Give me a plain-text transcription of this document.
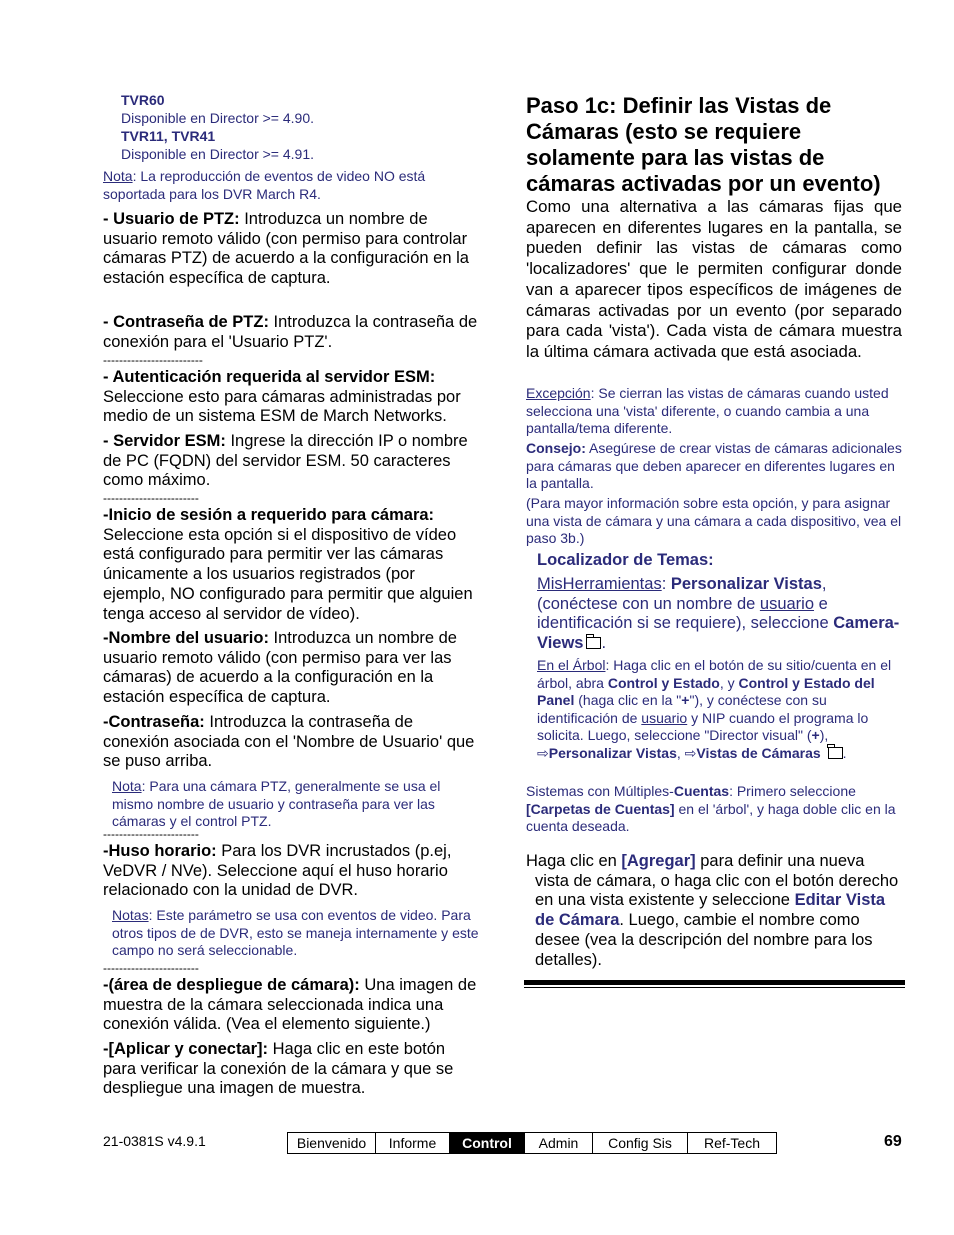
TVR60
Disponible en Director >= 4.90.
TVR11, TVR41
Disponible en Director >= 4.91.
Nota: La reproducción de eventos de video NO está soportada para los DVR March R4.
- Usuario de PTZ: Introduzca un nombre de usuario remoto válido (con permiso para controlar cámaras PTZ) de acuerdo a la configuración en la estación específica de captura.
- Contraseña de PTZ: Introduzca la contraseña de conexión para el 'Usuario PTZ'.
-------------------------
- Autenticación requerida al servidor ESM:
Seleccione esto para cámaras administradas por medio de un sistema ESM de March Networks.
- Servidor ESM: Ingrese la dirección IP o nombre de PC (FQDN) del servidor ESM. 50 caracteres como máximo.
------------------------
-Inicio de sesión a requerido para cámara:
Seleccione esta opción si el dispositivo de vídeo está configurado para permitir ver las cámaras únicamente a los usuarios registrados (por ejemplo, NO configurado para permitir que alguien tenga acceso al servidor de vídeo).
-Nombre del usuario: Introduzca un nombre de usuario remoto válido (con permiso para ver las cámaras) de acuerdo a la configuración en la estación específica de captura.
-Contraseña: Introduzca la contraseña de conexión asociada con el 'Nombre de Usuario' que se puso arriba.
Nota: Para una cámara PTZ, generalmente se usa el mismo nombre de usuario y contraseña para ver las cámaras y el control PTZ.
------------------------
-Huso horario: Para los DVR incrustados (p.ej, VeDVR / NVe). Seleccione aquí el huso horario relacionado con la unidad de DVR.
Notas: Este parámetro se usa con eventos de video. Para otros tipos de de DVR, esto se maneja internamente y este campo no será seleccionable.
------------------------
-(área de despliegue de cámara): Una imagen de muestra de la cámara seleccionada indica una conexión válida. (Vea el elemento siguiente.)
-[Aplicar y conectar]: Haga clic en este botón para verificar la conexión de la cámara y que se despliegue una imagen de muestra.
Paso 1c: Definir las Vistas de Cámaras (esto se requiere solamente para las vistas de cámaras activadas por un evento)
Como una alternativa a las cámaras fijas que aparecen en diferentes lugares en la pantalla, se pueden definir las vistas de cámaras como 'localizadores' que le permiten configurar donde van a aparecer tipos específicos de imágenes de cámaras activadas por un evento (por separado para cada 'vista'). Cada vista de cámara muestra la última cámara activada que está asociada.
Excepción: Se cierran las vistas de cámaras cuando usted selecciona una 'vista' diferente, o cuando cambia a una pantalla/tema diferente.
Consejo: Asegúrese de crear vistas de cámaras adicionales para cámaras que deben aparecer en diferentes lugares en la pantalla.
(Para mayor información sobre esta opción, y para asignar una vista de cámara y una cámara a cada dispositivo, vea el paso 3b.)
Localizador de Temas:
MisHerramientas: Personalizar Vistas,
(conéctese con un nombre de usuario e identificación si se requiere), seleccione Camera-Views .
En el Árbol: Haga clic en el botón de su sitio/cuenta en el árbol, abra Control y Estado, y Control y Estado del Panel (haga clic en la "+"), y conéctese con su identificación de usuario y NIP cuando el programa lo solicita. Luego, seleccione "Director visual" (+),
⇨Personalizar Vistas, ⇨Vistas de Cámaras .
Sistemas con Múltiples-Cuentas: Primero seleccione [Carpetas de Cuentas] en el 'árbol', y haga doble clic en la cuenta deseada.
Haga clic en [Agregar] para definir una nueva vista de cámara, o haga clic con el botón derecho en una vista existente y seleccione Editar Vista de Cámara. Luego, cambie el nombre como desee (vea la descripción del nombre para los detalles).
21-0381S v4.9.1	Bienvenido	Informe	Control	Admin	Config Sis	Ref-Tech	69
